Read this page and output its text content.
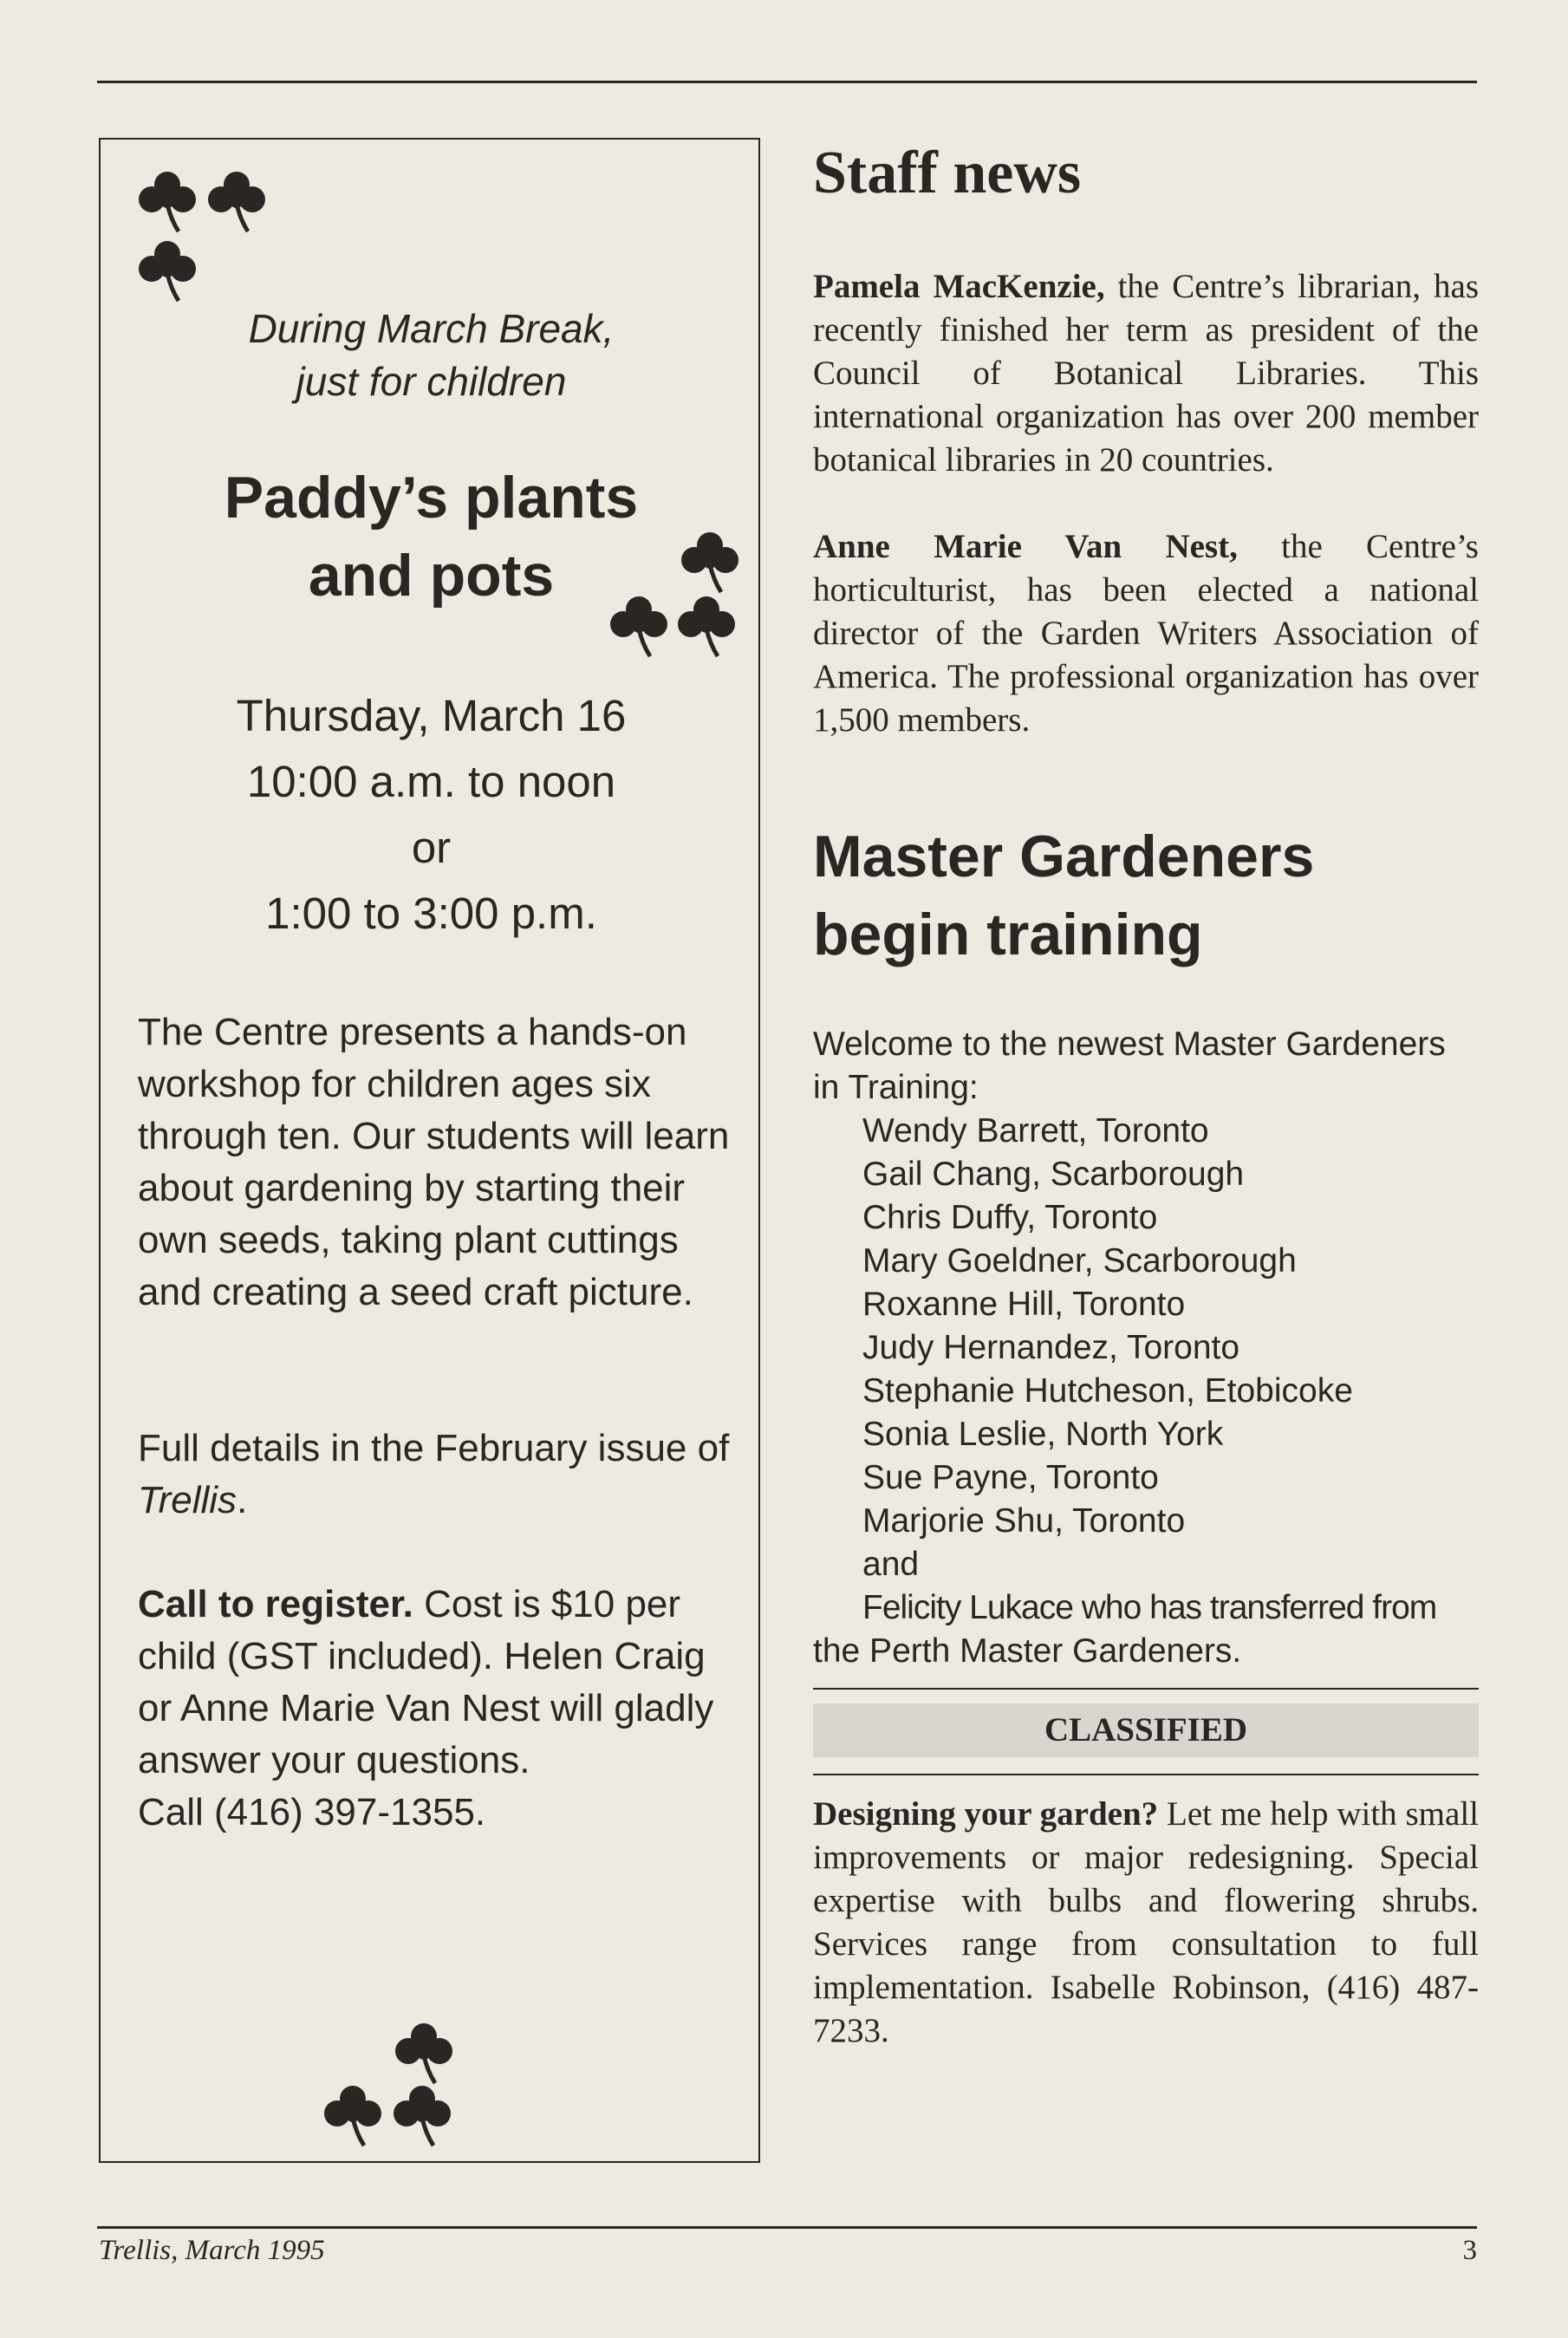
During March Break,
just for children
Paddy’s plants
and pots
Thursday, March 16
10:00 a.m. to noon
or
1:00 to 3:00 p.m.

The Centre presents a hands-on workshop for children ages six through ten. Our students will learn about gardening by starting their own seeds, taking plant cuttings and creating a seed craft picture.

Full details in the February issue of Trellis.

Call to register. Cost is $10 per child (GST included). Helen Craig or Anne Marie Van Nest will gladly answer your questions.

Call (416) 397-1355.

Staff news

Pamela MacKenzie, the Centre’s librarian, has recently finished her term as president of the Council of Botanical Libraries. This international organization has over 200 member botanical libraries in 20 countries.

Anne Marie Van Nest, the Centre’s horticulturist, has been elected a national director of the Garden Writers Association of America. The professional organization has over 1,500 members.

Master Gardeners
begin training
Welcome to the newest Master Gardeners in Training:
Wendy Barrett, Toronto
Gail Chang, Scarborough
Chris Duffy, Toronto
Mary Goeldner, Scarborough
Roxanne Hill, Toronto
Judy Hernandez, Toronto
Stephanie Hutcheson, Etobicoke
Sonia Leslie, North York
Sue Payne, Toronto
Marjorie Shu, Toronto
and
Felicity Lukace who has transferred from
the Perth Master Gardeners.
CLASSIFIED
Designing your garden? Let me help with small improvements or major redesigning. Special expertise with bulbs and flowering shrubs. Services range from consultation to full implementation. Isabelle Robinson, (416) 487-7233.
Trellis, March 1995	3
